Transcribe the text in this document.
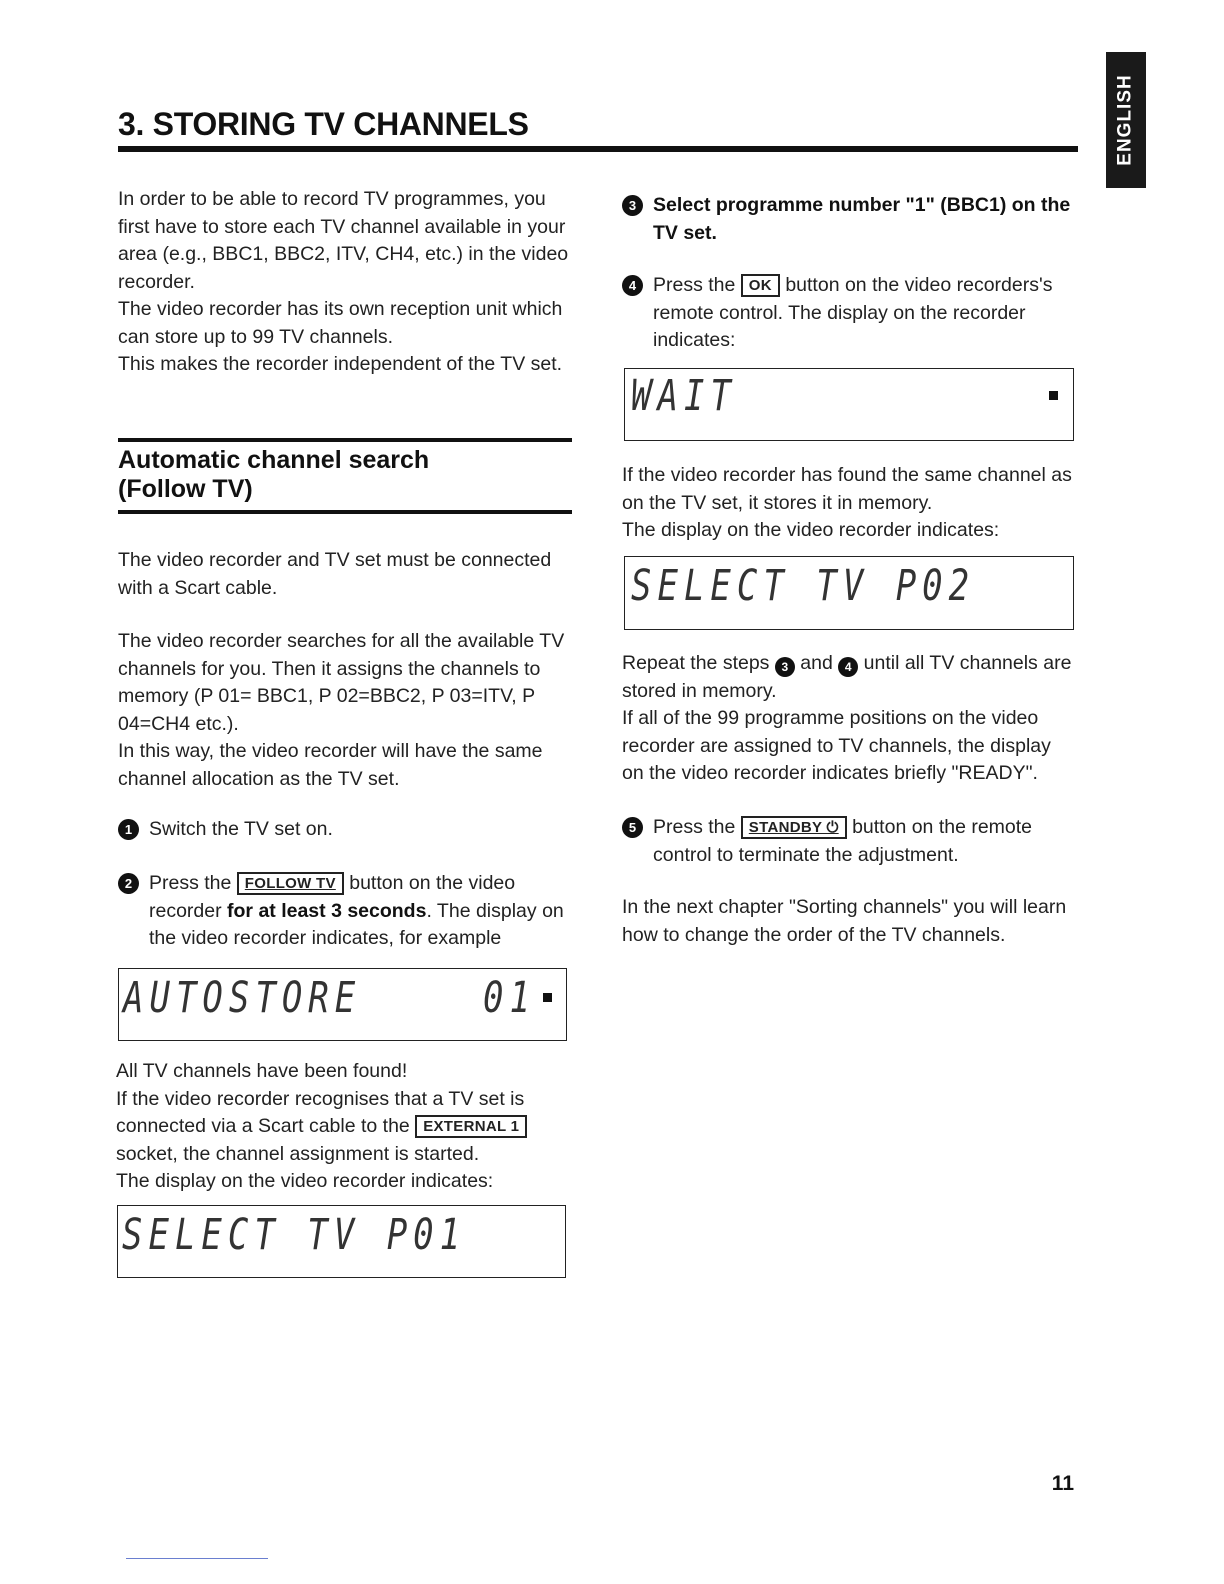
3. STORING TV CHANNELS	ENGLISH

In order to be able to record TV programmes, you first have to store each TV channel available in your area (e.g., BBC1, BBC2, ITV, CH4, etc.) in the video recorder.

The video recorder has its own reception unit which can store up to 99 TV channels.

This makes the recorder independent of the TV set.

Automatic channel search
(Follow TV)

The video recorder and TV set must be connected with a Scart cable.

The video recorder searches for all the available TV channels for you. Then it assigns the channels to memory (P 01= BBC1, P 02=BBC2, P 03=ITV, P 04=CH4 etc.).

In this way, the video recorder will have the same channel allocation as the TV set.

1 Switch the TV set on.

2 Press the FOLLOW TV button on the video recorder for at least 3 seconds. The display on the video recorder indicates, for example

AUTOSTORE	01

All TV channels have been found!

If the video recorder recognises that a TV set is connected via a Scart cable to the EXTERNAL 1 socket, the channel assignment is started.

The display on the video recorder indicates:

SELECT TV P01
3 Select programme number "1" (BBC1) on the TV set.

4 Press the OK button on the video recorders's remote control. The display on the recorder indicates:

WAIT

If the video recorder has found the same channel as on the TV set, it stores it in memory.

The display on the video recorder indicates:

SELECT TV P02

Repeat the steps 3 and 4 until all TV channels are stored in memory.

If all of the 99 programme positions on the video recorder are assigned to TV channels, the display on the video recorder indicates briefly "READY".

5 Press the STANDBY ⏻ button on the remote control to terminate the adjustment.

In the next chapter "Sorting channels" you will learn how to change the order of the TV channels.

11
